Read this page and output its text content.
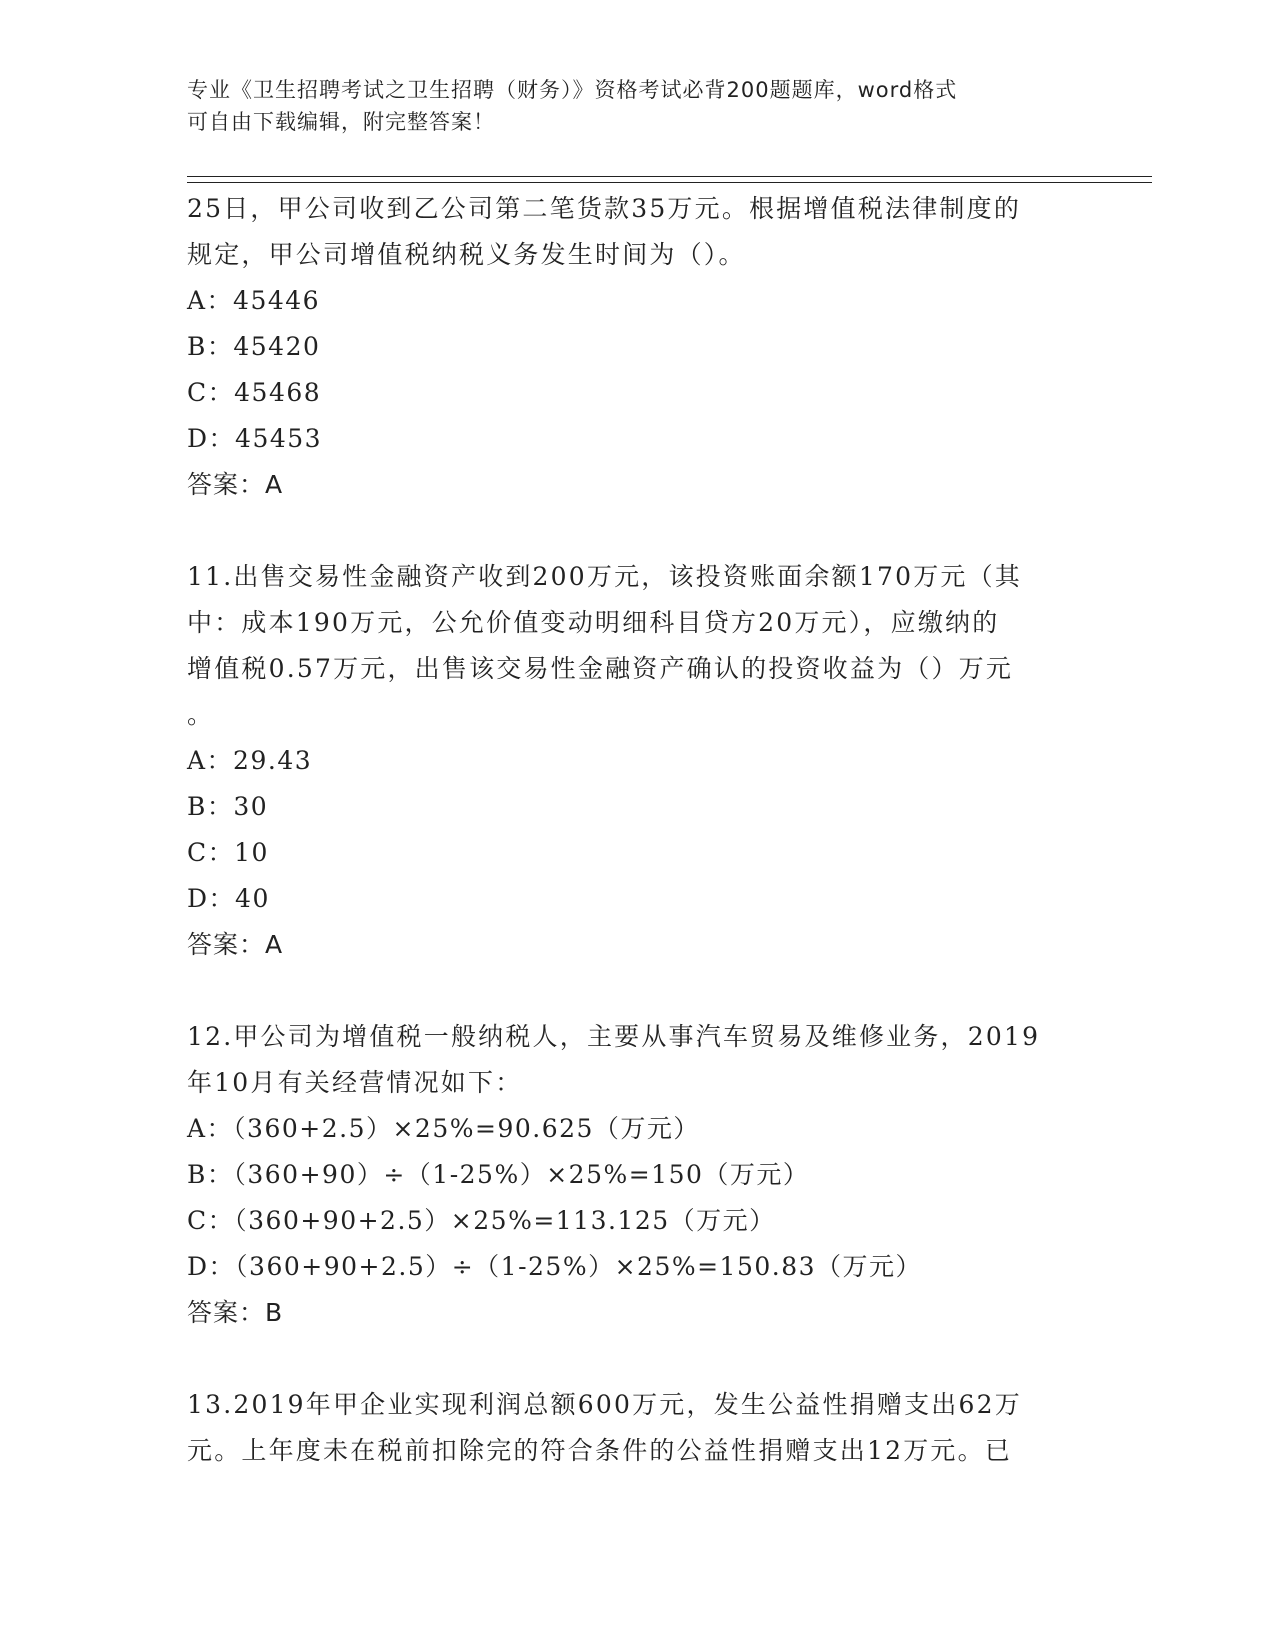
专业《卫生招聘考试之卫生招聘（财务）》资格考试必背200题题库，word格式
可自由下载编辑，附完整答案！

25日，甲公司收到乙公司第二笔货款35万元。根据增值税法律制度的

规定，甲公司增值税纳税义务发生时间为（）。

A：45446

B：45420

C：45468

D：45453

答案：A

11.出售交易性金融资产收到200万元，该投资账面余额170万元（其

中：成本190万元，公允价值变动明细科目贷方20万元），应缴纳的

增值税0.57万元，出售该交易性金融资产确认的投资收益为（）万元

。

A：29.43

B：30

C：10

D：40

答案：A

12.甲公司为增值税一般纳税人，主要从事汽车贸易及维修业务，2019

年10月有关经营情况如下：

A：（360+2.5）×25%=90.625（万元）

B：（360+90）÷（1-25%）×25%=150（万元）

C：（360+90+2.5）×25%=113.125（万元）

D：（360+90+2.5）÷（1-25%）×25%=150.83（万元）

答案：B

13.2019年甲企业实现利润总额600万元，发生公益性捐赠支出62万

元。上年度未在税前扣除完的符合条件的公益性捐赠支出12万元。已
